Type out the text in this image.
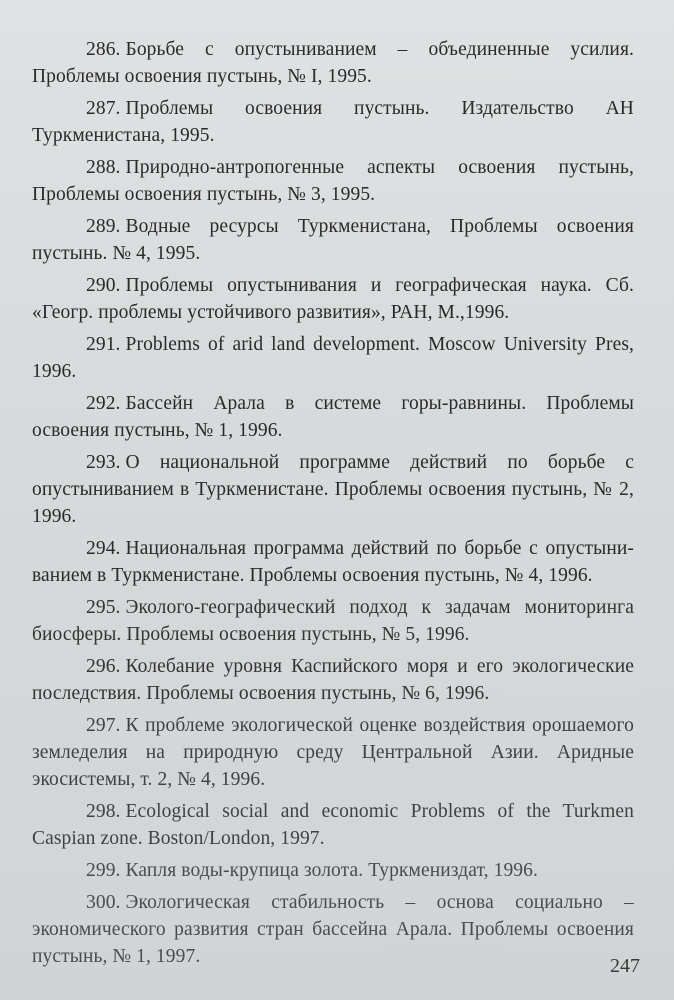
286. Борьбе с опустыниванием – объединенные усилия. Проблемы освоения пустынь, № I, 1995.

287. Проблемы освоения пустынь. Издательство АН Туркменистана, 1995.

288. Природно-антропогенные аспекты освоения пустынь, Проблемы освоения пустынь, № 3, 1995.

289. Водные ресурсы Туркменистана, Проблемы освоения пустынь. № 4, 1995.

290. Проблемы опустынивания и географическая наука. Сб. «Геогр. проблемы устойчивого развития», РАН, М.,1996.

291. Problems of arid land development. Moscow University Pres, 1996.

292. Бассейн Арала в системе горы-равнины. Проблемы освоения пустынь, № 1, 1996.

293. О национальной программе действий по борьбе с опустыниванием в Туркменистане. Проблемы освоения пустынь, № 2, 1996.

294. Национальная программа действий по борьбе с опустыни-ванием в Туркменистане. Проблемы освоения пустынь, № 4, 1996.

295. Эколого-географический подход к задачам мониторинга биосферы. Проблемы освоения пустынь, № 5, 1996.

296. Колебание уровня Каспийского моря и его экологические последствия. Проблемы освоения пустынь, № 6, 1996.

297. К проблеме экологической оценке воздействия орошаемого земледелия на природную среду Центральной Азии. Аридные экосистемы, т. 2, № 4, 1996.

298. Ecological social and economic Problems of the Turkmen Caspian zone. Boston/London, 1997.

299. Капля воды-крупица золота. Туркмениздат, 1996.

300. Экологическая стабильность – основа социально – экономического развития стран бассейна Арала. Проблемы освоения пустынь, № 1, 1997.	247
